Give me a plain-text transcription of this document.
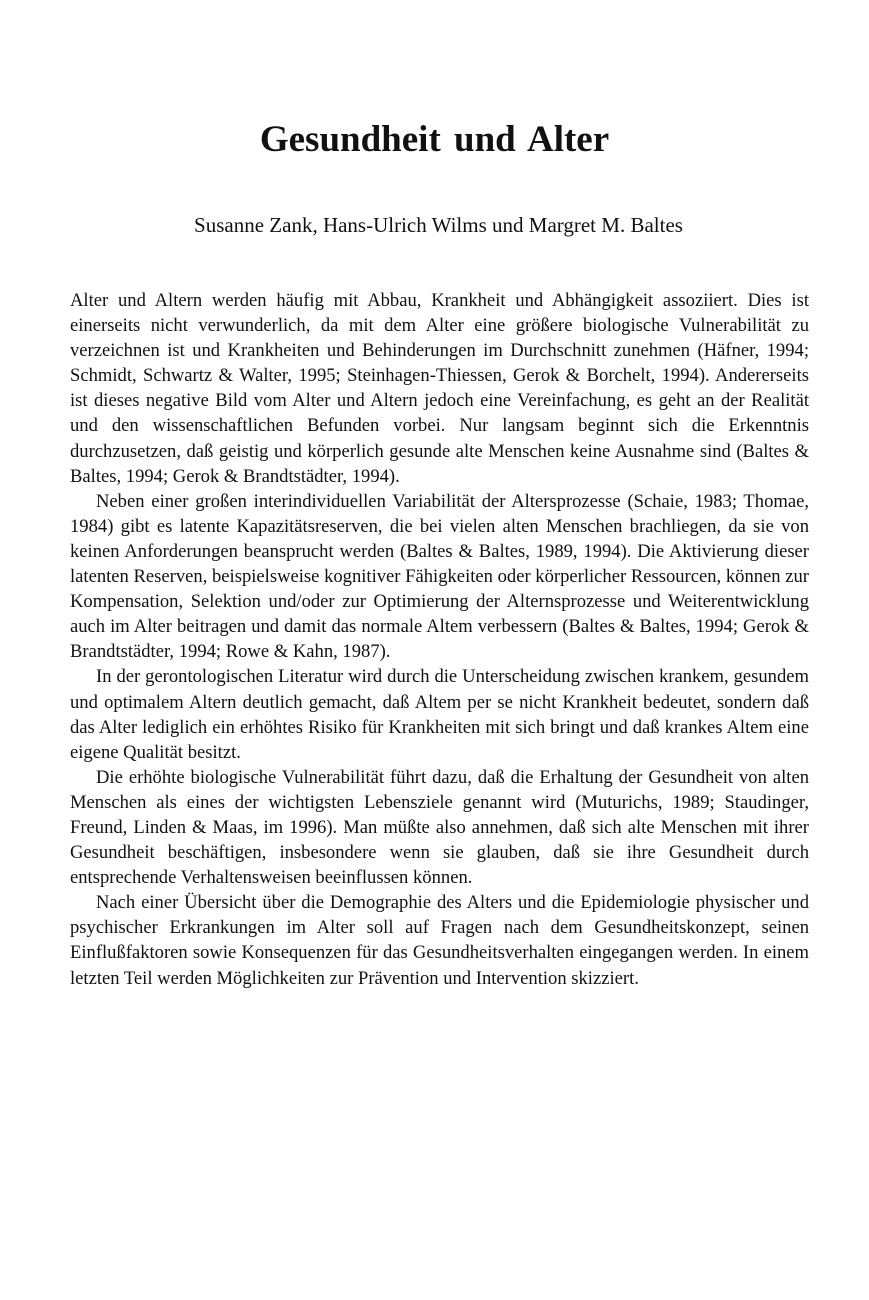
Gesundheit und Alter

Susanne Zank, Hans-Ulrich Wilms und Margret M. Baltes

Alter und Altern werden häufig mit Abbau, Krankheit und Abhängigkeit assoziiert. Dies ist einerseits nicht verwunderlich, da mit dem Alter eine größere biologische Vulnerabilität zu verzeichnen ist und Krankheiten und Behinderungen im Durchschnitt zunehmen (Häfner, 1994; Schmidt, Schwartz & Walter, 1995; Steinhagen-Thiessen, Gerok & Borchelt, 1994). Andererseits ist dieses negative Bild vom Alter und Altern jedoch eine Vereinfachung, es geht an der Realität und den wissenschaftlichen Befunden vorbei. Nur langsam beginnt sich die Erkenntnis durchzusetzen, daß geistig und körperlich gesunde alte Menschen keine Ausnahme sind (Baltes & Baltes, 1994; Gerok & Brandtstädter, 1994).

Neben einer großen interindividuellen Variabilität der Altersprozesse (Schaie, 1983; Thomae, 1984) gibt es latente Kapazitätsreserven, die bei vielen alten Menschen brachliegen, da sie von keinen Anforderungen beansprucht werden (Baltes & Baltes, 1989, 1994). Die Aktivierung dieser latenten Reserven, beispielsweise kognitiver Fähigkeiten oder körperlicher Ressourcen, können zur Kompensation, Selektion und/oder zur Optimierung der Alternsprozesse und Weiterentwicklung auch im Alter beitragen und damit das normale Altem verbessern (Baltes & Baltes, 1994; Gerok & Brandtstädter, 1994; Rowe & Kahn, 1987).

In der gerontologischen Literatur wird durch die Unterscheidung zwischen krankem, gesundem und optimalem Altern deutlich gemacht, daß Altem per se nicht Krankheit bedeutet, sondern daß das Alter lediglich ein erhöhtes Risiko für Krankheiten mit sich bringt und daß krankes Altem eine eigene Qualität besitzt.

Die erhöhte biologische Vulnerabilität führt dazu, daß die Erhaltung der Gesundheit von alten Menschen als eines der wichtigsten Lebensziele genannt wird (Muturichs, 1989; Staudinger, Freund, Linden & Maas, im 1996). Man müßte also annehmen, daß sich alte Menschen mit ihrer Gesundheit beschäftigen, insbesondere wenn sie glauben, daß sie ihre Gesundheit durch entsprechende Verhaltensweisen beeinflussen können.

Nach einer Übersicht über die Demographie des Alters und die Epidemiologie physischer und psychischer Erkrankungen im Alter soll auf Fragen nach dem Gesundheitskonzept, seinen Einflußfaktoren sowie Konsequenzen für das Gesundheitsverhalten eingegangen werden. In einem letzten Teil werden Möglichkeiten zur Prävention und Intervention skizziert.
